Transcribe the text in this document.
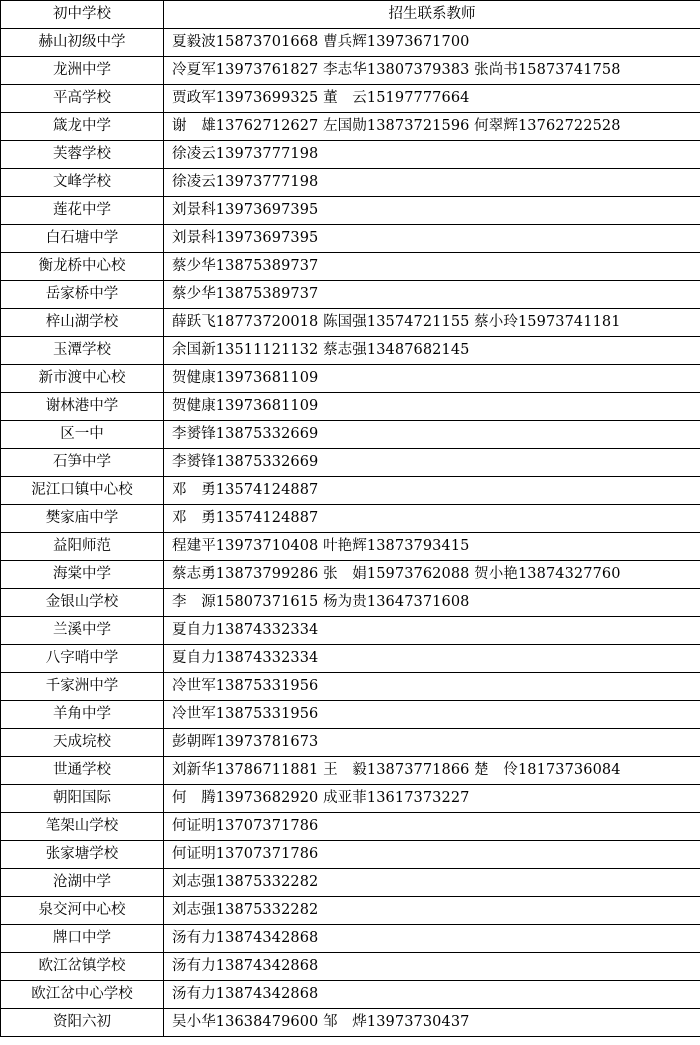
初中学校	招生联系教师
赫山初级中学	夏毅波15873701668 曹兵辉13973671700
龙洲中学	冷夏军13973761827 李志华13807379383 张尚书15873741758
平高学校	贾政军13973699325 董　云15197777664
箴龙中学	谢　雄13762712627 左国勋13873721596 何翠辉13762722528
芙蓉学校	徐凌云13973777198
文峰学校	徐凌云13973777198
莲花中学	刘景科13973697395
白石塘中学	刘景科13973697395
衡龙桥中心校	蔡少华13875389737
岳家桥中学	蔡少华13875389737
梓山湖学校	薛跃飞18773720018 陈国强13574721155 蔡小玲15973741181
玉潭学校	余国新13511121132 蔡志强13487682145
新市渡中心校	贺健康13973681109
谢林港中学	贺健康13973681109
区一中	李赟锋13875332669
石笋中学	李赟锋13875332669
泥江口镇中心校	邓　勇13574124887
樊家庙中学	邓　勇13574124887
益阳师范	程建平13973710408 叶艳辉13873793415
海棠中学	蔡志勇13873799286 张　娟15973762088 贺小艳13874327760
金银山学校	李　源15807371615 杨为贵13647371608
兰溪中学	夏自力13874332334
八字哨中学	夏自力13874332334
千家洲中学	冷世军13875331956
羊角中学	冷世军13875331956
天成垸校	彭朝晖13973781673
世通学校	刘新华13786711881 王　毅13873771866 楚　伶18173736084
朝阳国际	何　腾13973682920 成亚菲13617373227
笔架山学校	何证明13707371786
张家塘学校	何证明13707371786
沧湖中学	刘志强13875332282
泉交河中心校	刘志强13875332282
牌口中学	汤有力13874342868
欧江岔镇学校	汤有力13874342868
欧江岔中心学校	汤有力13874342868
资阳六初	吴小华13638479600 邹　烨13973730437
